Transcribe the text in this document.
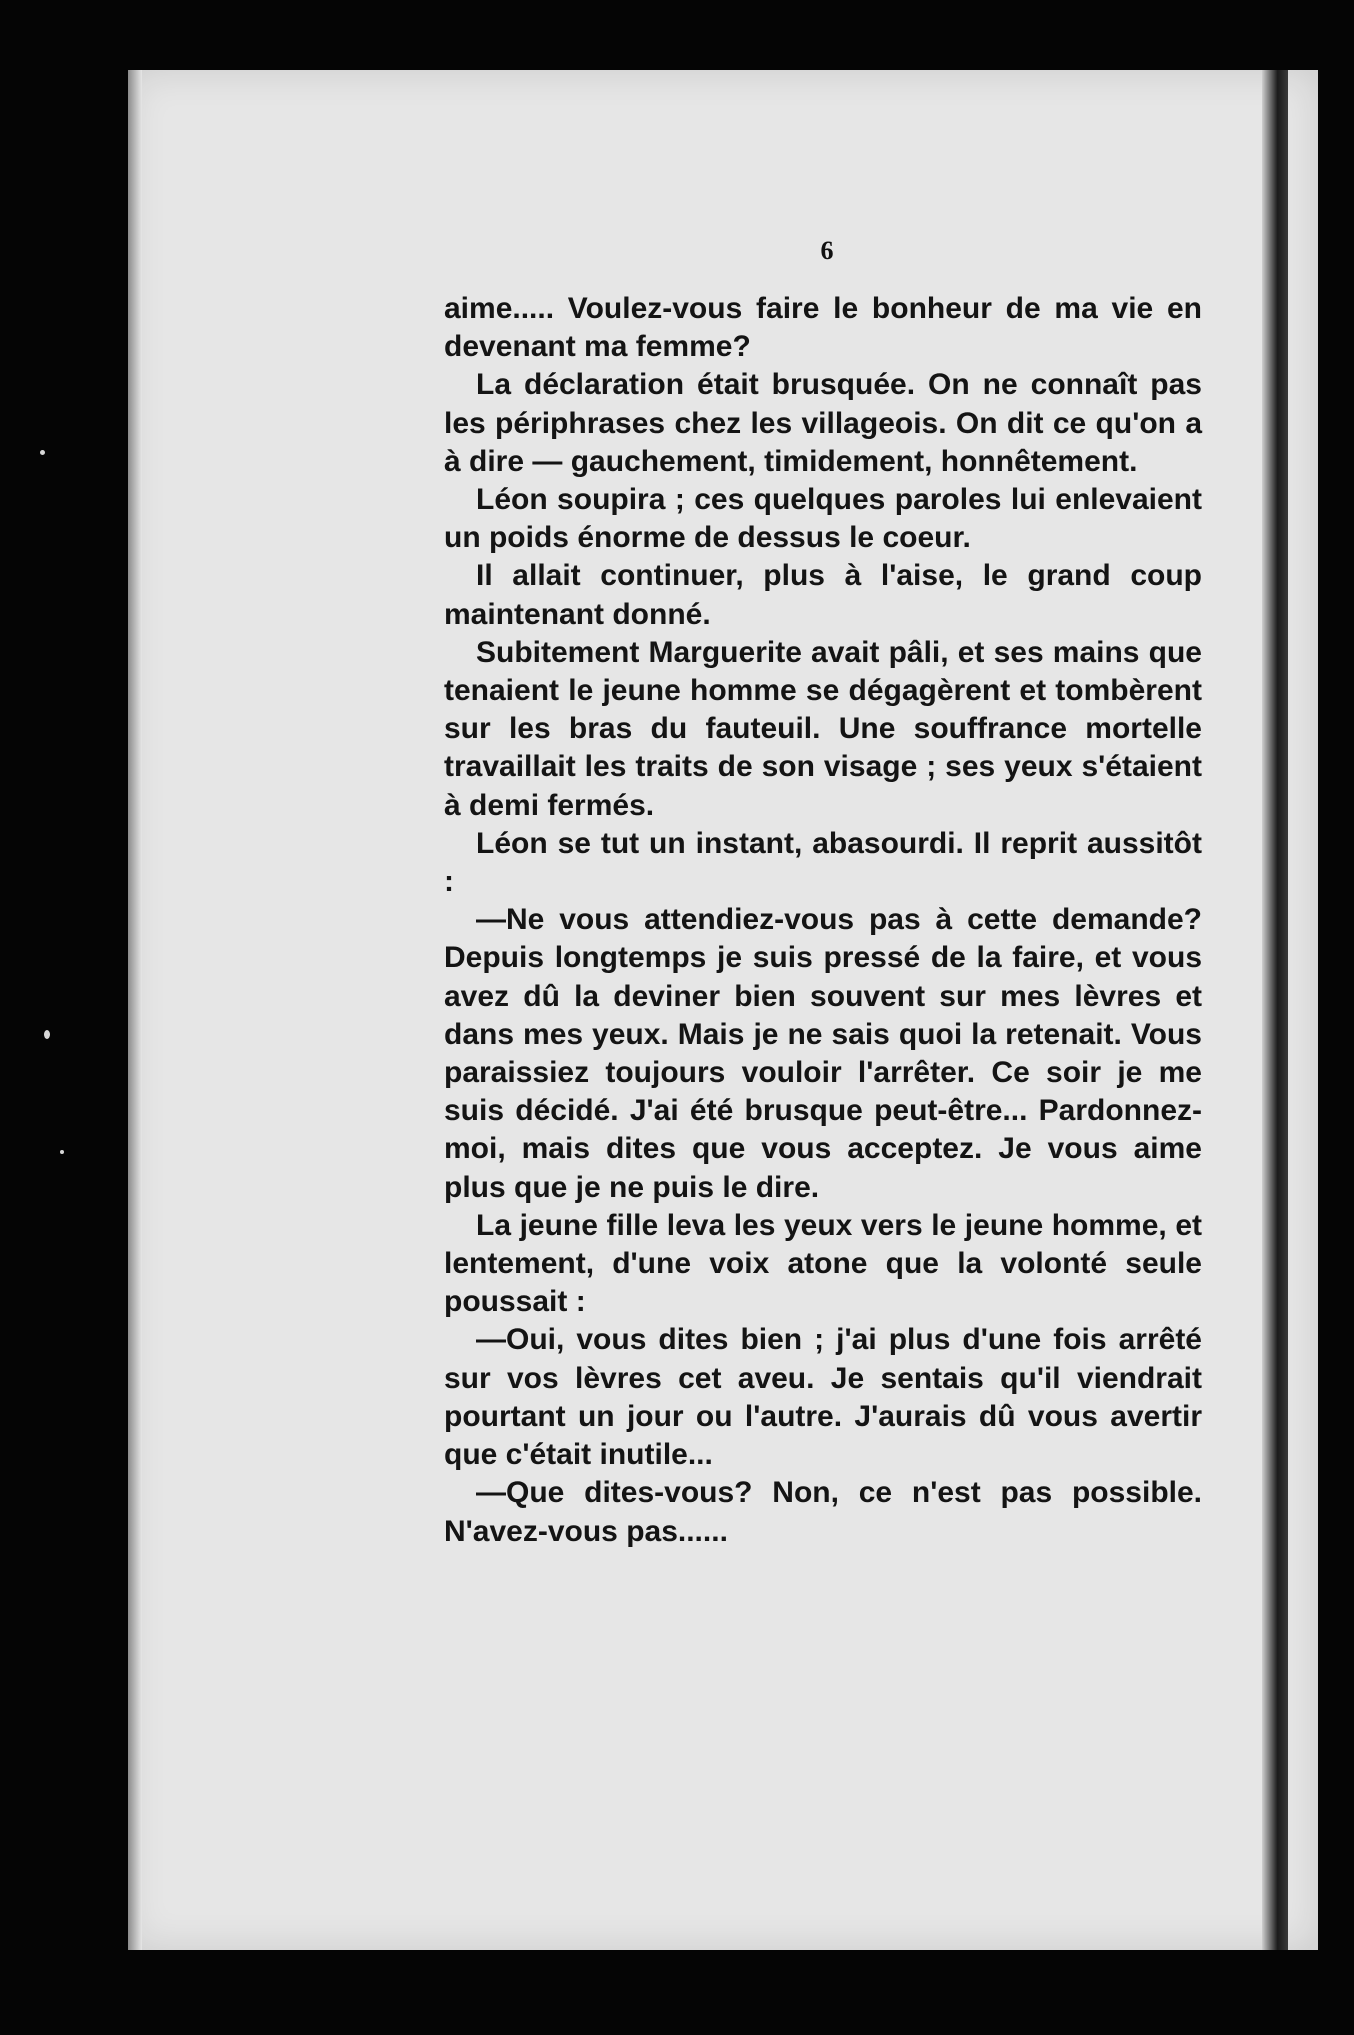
6

aime..... Voulez-vous faire le bonheur de ma vie en devenant ma femme?

La déclaration était brusquée. On ne connaît pas les périphrases chez les villageois. On dit ce qu'on a à dire — gauchement, timidement, honnêtement.

Léon soupira ; ces quelques paroles lui enlevaient un poids énorme de dessus le coeur.

Il allait continuer, plus à l'aise, le grand coup maintenant donné.

Subitement Marguerite avait pâli, et ses mains que tenaient le jeune homme se dégagèrent et tombèrent sur les bras du fauteuil. Une souffrance mortelle travaillait les traits de son visage ; ses yeux s'étaient à demi fermés.

Léon se tut un instant, abasourdi. Il reprit aussitôt :

—Ne vous attendiez-vous pas à cette demande? Depuis longtemps je suis pressé de la faire, et vous avez dû la deviner bien souvent sur mes lèvres et dans mes yeux. Mais je ne sais quoi la retenait. Vous paraissiez toujours vouloir l'arrêter. Ce soir je me suis décidé. J'ai été brusque peut-être... Pardonnez-moi, mais dites que vous acceptez. Je vous aime plus que je ne puis le dire.

La jeune fille leva les yeux vers le jeune homme, et lentement, d'une voix atone que la volonté seule poussait :

—Oui, vous dites bien ; j'ai plus d'une fois arrêté sur vos lèvres cet aveu. Je sentais qu'il viendrait pourtant un jour ou l'autre. J'aurais dû vous avertir que c'était inutile...

—Que dites-vous? Non, ce n'est pas possible. N'avez-vous pas......
